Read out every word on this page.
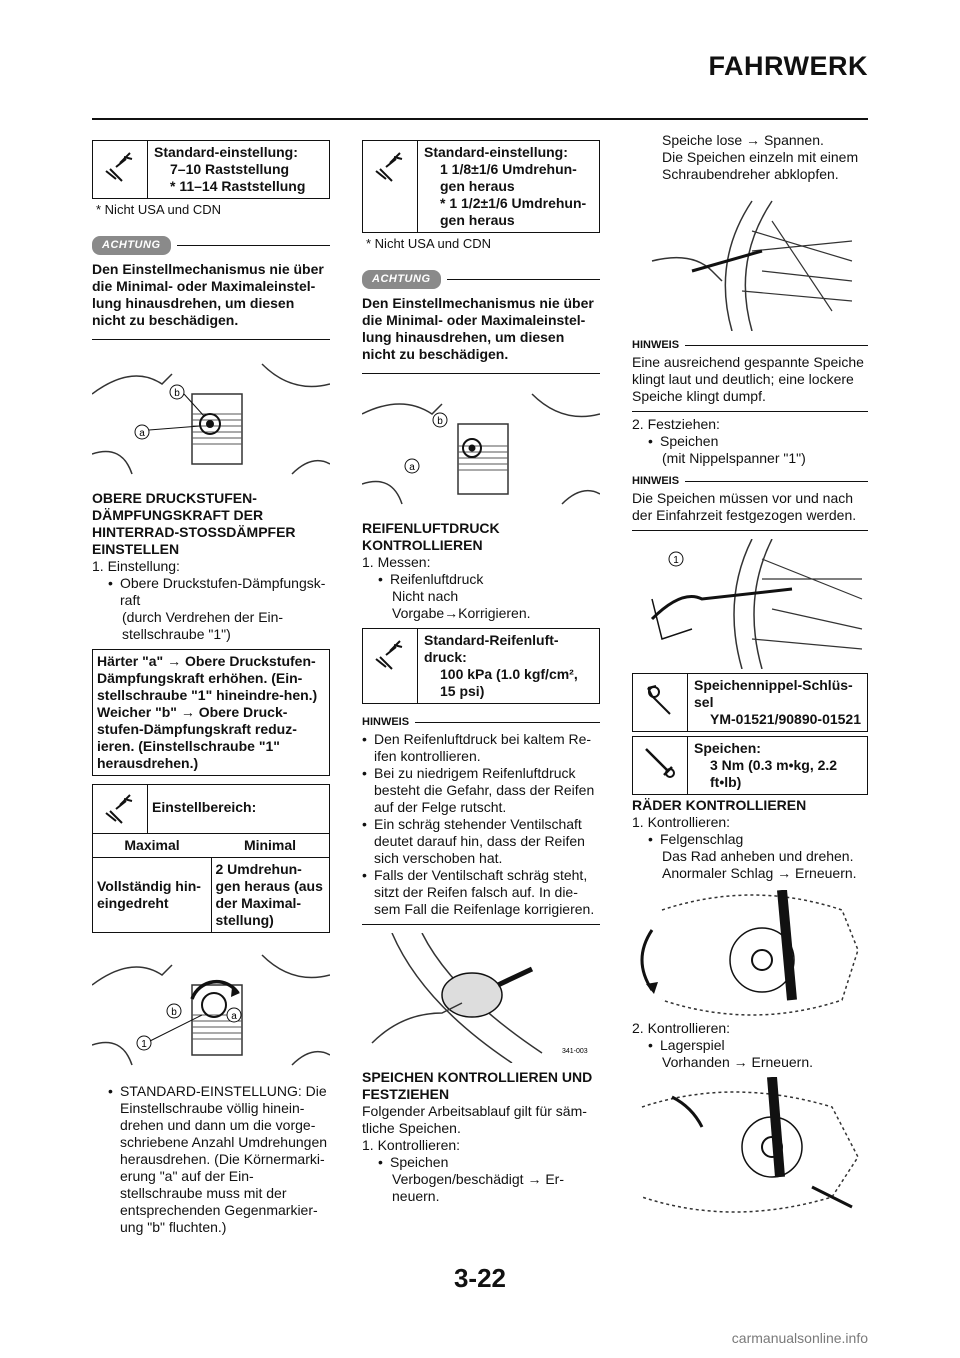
FAHRWERK
Standard-einstellung:
7–10 Raststellung
* 11–14 Raststellung
* Nicht USA und CDN
ACHTUNG
Den Einstellmechanismus nie über die Minimal- oder Maximaleinstel-lung hinausdrehen, um diesen nicht zu beschädigen.
b
a
OBERE DRUCKSTUFEN-DÄMPFUNGSKRAFT DER HINTERRAD-STOSSDÄMPFER EINSTELLEN
1. Einstellung:
• Obere Druckstufen-Dämpfungsk-raft
(durch Verdrehen der Ein-stellschraube "1")
Härter "a" → Obere Druckstufen-Dämpfungskraft erhöhen. (Ein-stellschraube "1" hineindre-hen.)
Weicher "b" → Obere Druck-stufen-Dämpfungskraft reduz-ieren. (Einstellschraube "1" herausdrehen.)
Einstellbereich:
Maximal	Minimal
Vollständig hin-eingedreht
2 Umdrehun-gen heraus (aus der Maximal-stellung)
b	a
1
• STANDARD-EINSTELLUNG: Die Einstellschraube völlig hinein-drehen und dann um die vorge-schriebene Anzahl Umdrehungen herausdrehen. (Die Körnermarki-erung "a" auf der Ein-stellschraube muss mit der entsprechenden Gegenmarkier-ung "b" fluchten.)
Standard-einstellung:
1 1/8±1/6 Umdrehun-gen heraus
* 1 1/2±1/6 Umdrehun-gen heraus
* Nicht USA und CDN
ACHTUNG
Den Einstellmechanismus nie über die Minimal- oder Maximaleinstel-lung hinausdrehen, um diesen nicht zu beschädigen.
b
a
REIFENLUFTDRUCK KONTROLLIEREN
1. Messen:
• Reifenluftdruck
Nicht nach Vorgabe→Korrigieren.
Standard-Reifenluft-druck:
100 kPa (1.0 kgf/cm², 15 psi)
HINWEIS
• Den Reifenluftdruck bei kaltem Re-ifen kontrollieren.
• Bei zu niedrigem Reifenluftdruck besteht die Gefahr, dass der Reifen auf der Felge rutscht.
• Ein schräg stehender Ventilschaft deutet darauf hin, dass der Reifen sich verschoben hat.
• Falls der Ventilschaft schräg steht, sitzt der Reifen falsch auf. In die-sem Fall die Reifenlage korrigieren.
341-003
SPEICHEN KONTROLLIEREN UND FESTZIEHEN
Folgender Arbeitsablauf gilt für säm-tliche Speichen.
1. Kontrollieren:
• Speichen
Verbogen/beschädigt → Er-neuern.
Speiche lose → Spannen.
Die Speichen einzeln mit einem Schraubendreher abklopfen.
HINWEIS
Eine ausreichend gespannte Speiche klingt laut und deutlich; eine lockere Speiche klingt dumpf.
2. Festziehen:
• Speichen
(mit Nippelspanner "1")
HINWEIS
Die Speichen müssen vor und nach der Einfahrzeit festgezogen werden.
1
Speichennippel-Schlüs-sel
YM-01521/90890-01521
Speichen:
3 Nm (0.3 m•kg, 2.2 ft•lb)
RÄDER KONTROLLIEREN
1. Kontrollieren:
• Felgenschlag
Das Rad anheben und drehen.
Anormaler Schlag → Erneuern.
2. Kontrollieren:
• Lagerspiel
Vorhanden → Erneuern.
3-22
carmanualsonline.info
